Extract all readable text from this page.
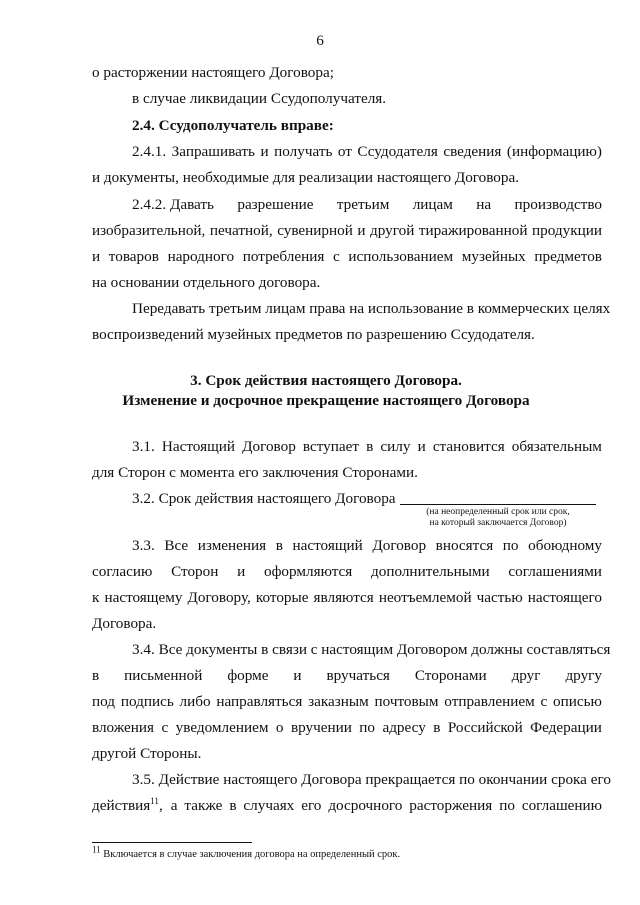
6
о расторжении настоящего Договора;
в случае ликвидации Ссудополучателя.
2.4. Ссудополучатель вправе:
2.4.1. Запрашивать и получать от Ссудодателя сведения (информацию)
и документы, необходимые для реализации настоящего Договора.
2.4.2. Давать разрешение третьим лицам на производство
изобразительной, печатной, сувенирной и другой тиражированной продукции
и товаров народного потребления с использованием музейных предметов
на основании отдельного договора.
Передавать третьим лицам права на использование в коммерческих целях
воспроизведений музейных предметов по разрешению Ссудодателя.
3. Срок действия настоящего Договора.
Изменение и досрочное прекращение настоящего Договора
3.1. Настоящий Договор вступает в силу и становится обязательным
для Сторон с момента его заключения Сторонами.
3.2. Срок действия настоящего Договора
(на неопределенный срок или срок,
на который заключается Договор)
3.3. Все изменения в настоящий Договор вносятся по обоюдному
согласию Сторон и оформляются дополнительными соглашениями
к настоящему Договору, которые являются неотъемлемой частью настоящего
Договора.
3.4. Все документы в связи с настоящим Договором должны составляться
в письменной форме и вручаться Сторонами друг другу
под подпись либо направляться заказным почтовым отправлением с описью
вложения с уведомлением о вручении по адресу в Российской Федерации
другой Стороны.
3.5. Действие настоящего Договора прекращается по окончании срока его
действия$^{11}$, а также в случаях его досрочного расторжения по соглашению
$^{11}$ Включается в случае заключения договора на определенный срок.
